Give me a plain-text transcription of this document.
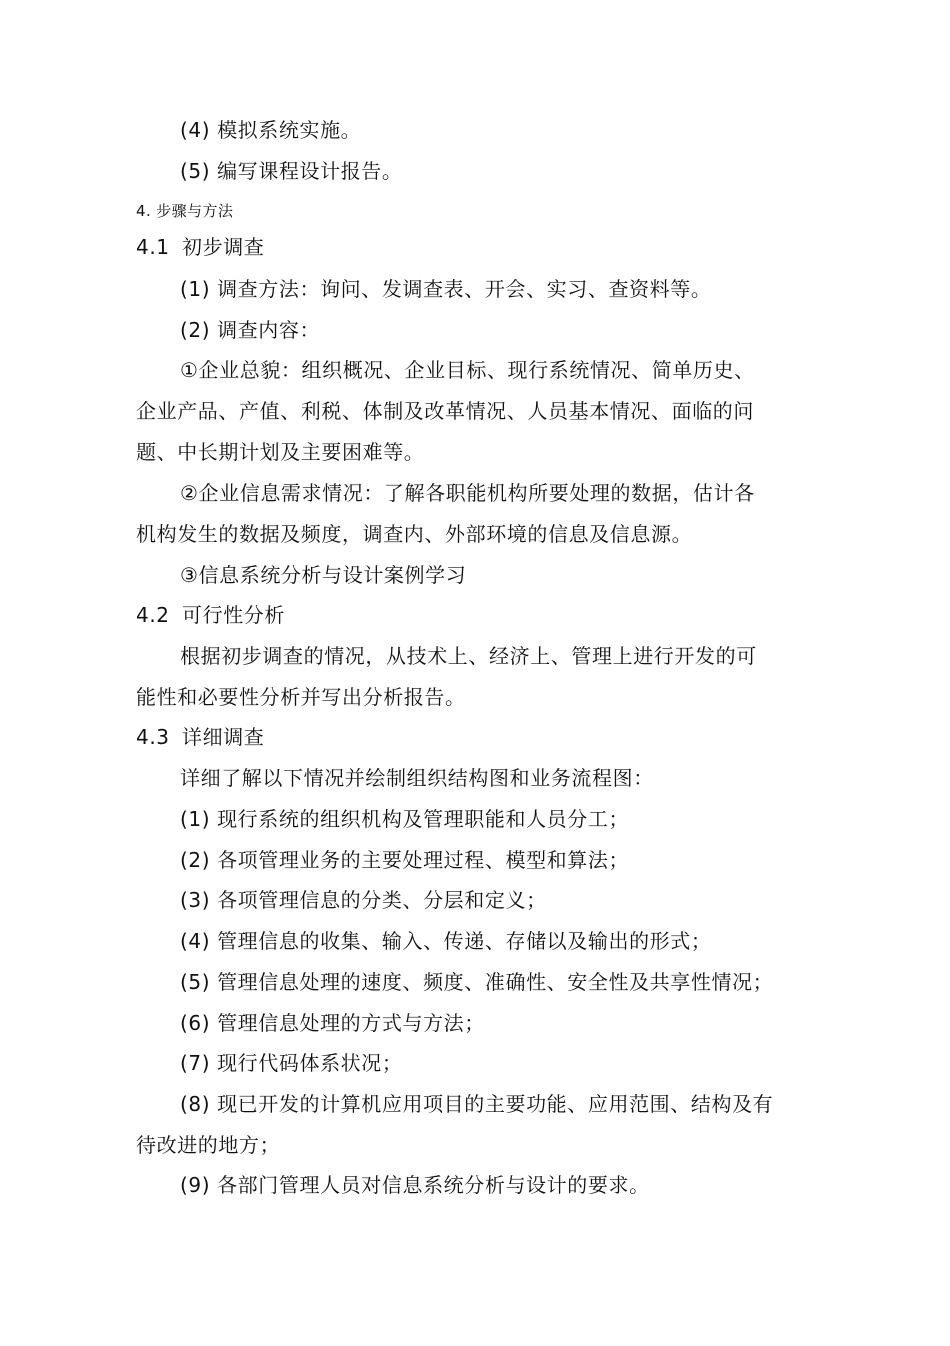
(4) 模拟系统实施。
(5) 编写课程设计报告。
4. 步骤与方法
4.1 初步调查
(1) 调查方法：询问、发调查表、开会、实习、查资料等。
(2) 调查内容：
①企业总貌：组织概况、企业目标、现行系统情况、简单历史、
企业产品、产值、利税、体制及改革情况、人员基本情况、面临的问
题、中长期计划及主要困难等。
②企业信息需求情况：了解各职能机构所要处理的数据，估计各
机构发生的数据及频度，调查内、外部环境的信息及信息源。
③信息系统分析与设计案例学习
4.2 可行性分析
根据初步调查的情况，从技术上、经济上、管理上进行开发的可
能性和必要性分析并写出分析报告。
4.3 详细调查
详细了解以下情况并绘制组织结构图和业务流程图：
(1) 现行系统的组织机构及管理职能和人员分工；
(2) 各项管理业务的主要处理过程、模型和算法；
(3) 各项管理信息的分类、分层和定义；
(4) 管理信息的收集、输入、传递、存储以及输出的形式；
(5) 管理信息处理的速度、频度、准确性、安全性及共享性情况；
(6) 管理信息处理的方式与方法；
(7) 现行代码体系状况；
(8) 现已开发的计算机应用项目的主要功能、应用范围、结构及有
待改进的地方；
(9) 各部门管理人员对信息系统分析与设计的要求。
